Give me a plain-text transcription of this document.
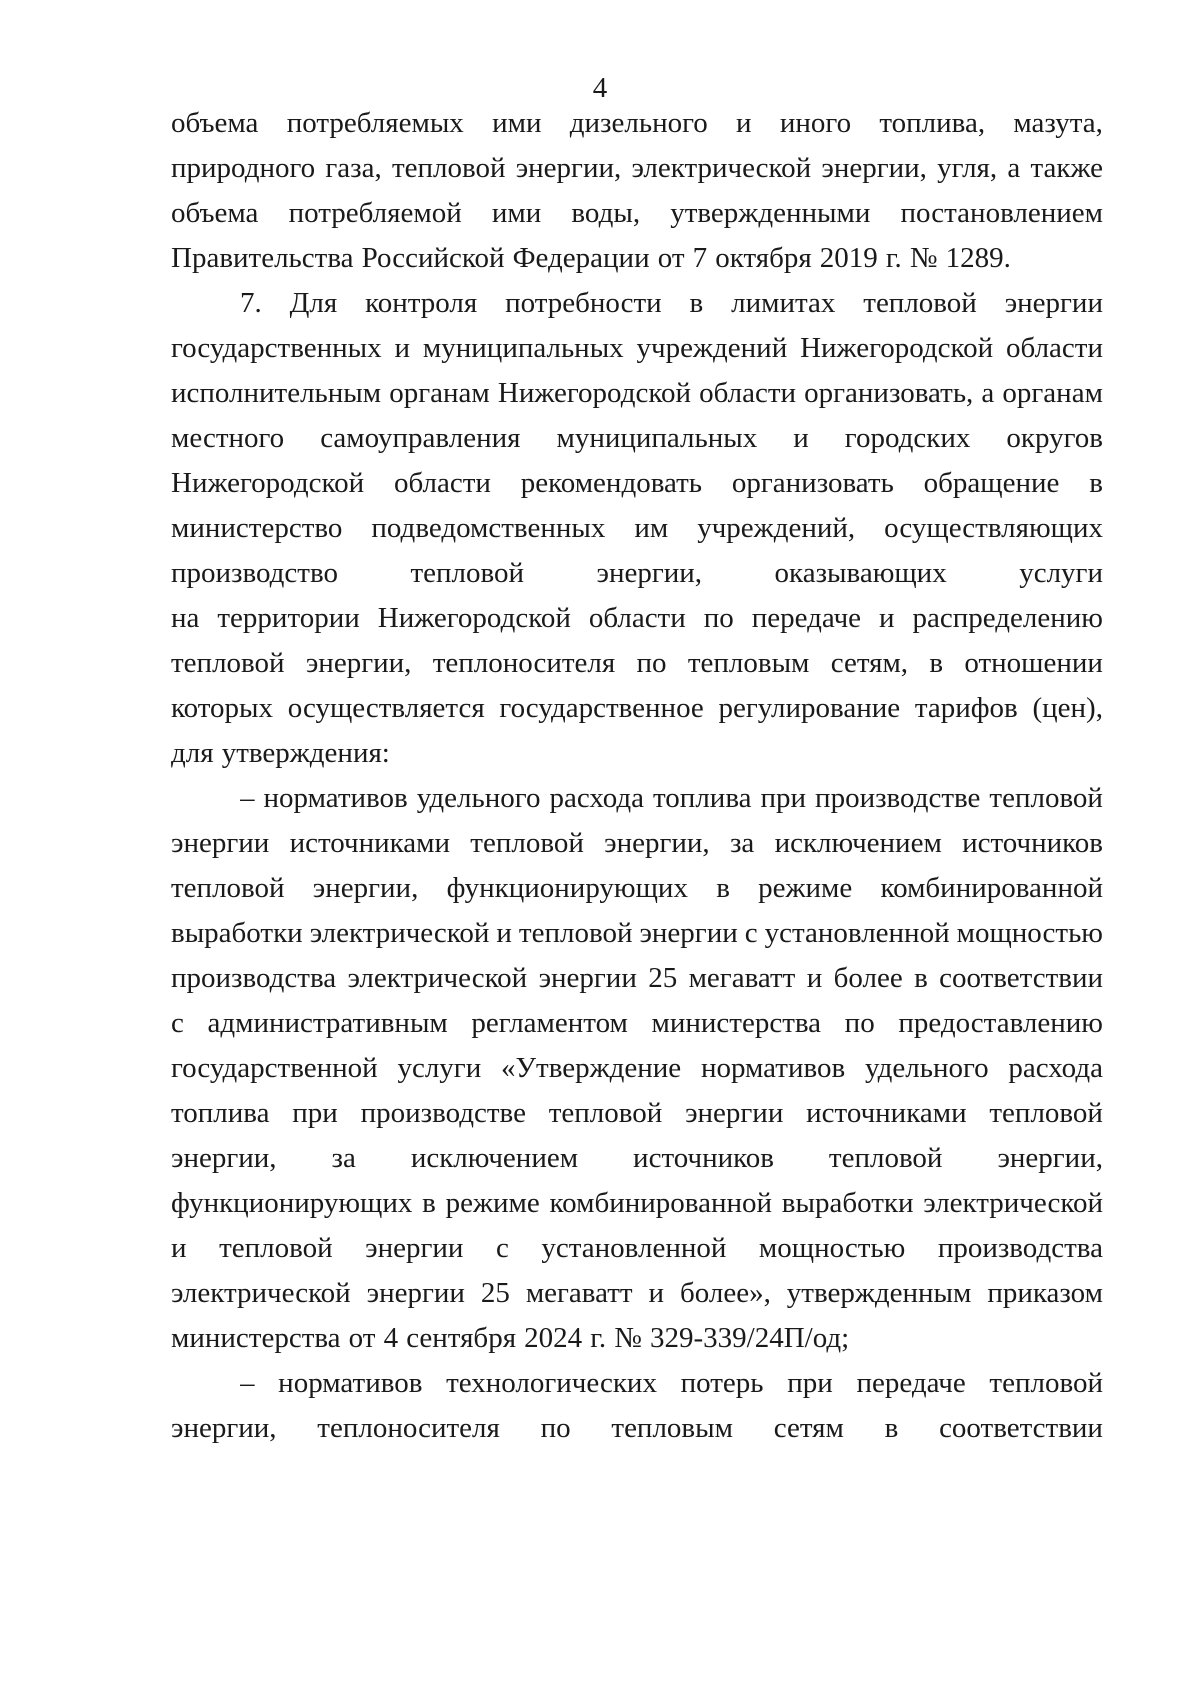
4
объема потребляемых ими дизельного и иного топлива, мазута,
природного газа, тепловой энергии, электрической энергии, угля, а также
объема потребляемой ими воды, утвержденными постановлением
Правительства Российской Федерации от 7 октября 2019 г. № 1289.
7. Для контроля потребности в лимитах тепловой энергии
государственных и муниципальных учреждений Нижегородской области
исполнительным органам Нижегородской области организовать, а органам
местного самоуправления муниципальных и городских округов
Нижегородской области рекомендовать организовать обращение в
министерство подведомственных им учреждений, осуществляющих
производство	тепловой	энергии,	оказывающих	услуги
на территории Нижегородской области по передаче и распределению
тепловой энергии, теплоносителя по тепловым сетям, в отношении
которых осуществляется государственное регулирование тарифов (цен),
для утверждения:
– нормативов удельного расхода топлива при производстве тепловой
энергии источниками тепловой энергии, за исключением источников
тепловой энергии, функционирующих в режиме комбинированной
выработки электрической и тепловой энергии с установленной мощностью
производства электрической энергии 25 мегаватт и более в соответствии
с административным регламентом министерства по предоставлению
государственной услуги «Утверждение нормативов удельного расхода
топлива при производстве тепловой энергии источниками тепловой
энергии, за исключением источников тепловой энергии,
функционирующих в режиме комбинированной выработки электрической
и тепловой энергии с установленной мощностью производства
электрической энергии 25 мегаватт и более», утвержденным приказом
министерства от 4 сентября 2024 г. № 329-339/24П/од;
– нормативов технологических потерь при передаче тепловой
энергии, теплоносителя по тепловым сетям в соответствии
